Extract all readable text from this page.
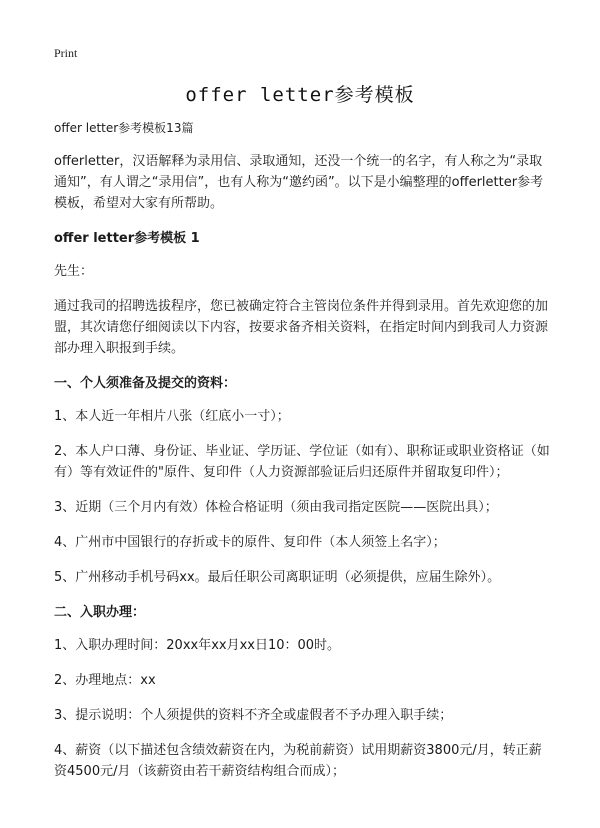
Print
offer letter参考模板

offer letter参考模板13篇

offerletter，汉语解释为录用信、录取通知，还没一个统一的名字，有人称之为“录取通知”，有人谓之“录用信”，也有人称为“邀约函”。以下是小编整理的offerletter参考模板，希望对大家有所帮助。

offer letter参考模板 1

先生：

通过我司的招聘选拔程序，您已被确定符合主管岗位条件并得到录用。首先欢迎您的加盟，其次请您仔细阅读以下内容，按要求备齐相关资料，在指定时间内到我司人力资源部办理入职报到手续。

一、个人须准备及提交的资料：

1、本人近一年相片八张（红底小一寸）；

2、本人户口薄、身份证、毕业证、学历证、学位证（如有）、职称证或职业资格证（如有）等有效证件的"原件、复印件（人力资源部验证后归还原件并留取复印件）；

3、近期（三个月内有效）体检合格证明（须由我司指定医院——医院出具）；

4、广州市中国银行的存折或卡的原件、复印件（本人须签上名字）；

5、广州移动手机号码xx。最后任职公司离职证明（必须提供，应届生除外）。

二、入职办理：

1、入职办理时间：20xx年xx月xx日10：00时。

2、办理地点：xx

3、提示说明：个人须提供的资料不齐全或虚假者不予办理入职手续；

4、薪资（以下描述包含绩效薪资在内，为税前薪资）试用期薪资3800元/月，转正薪资4500元/月（该薪资由若干薪资结构组合而成）；
